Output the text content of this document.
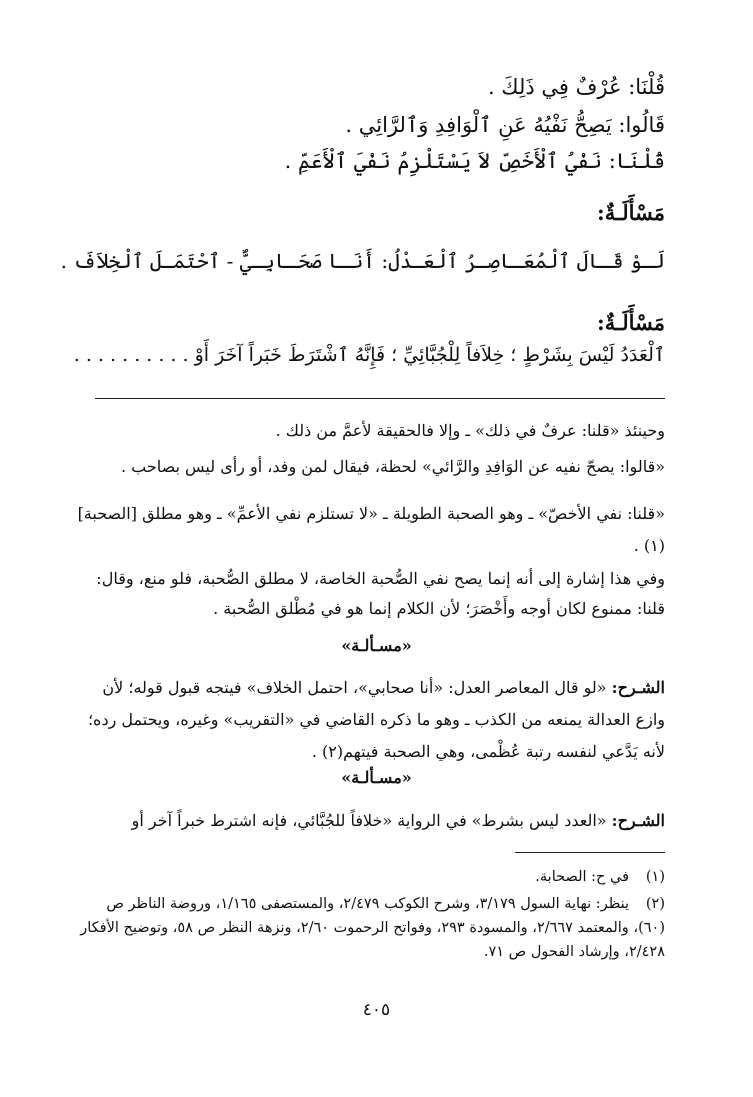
قُلْنَا: عُرْفٌ فِي ذَلِكَ .
قَالُوا: يَصِحُّ نَفْيُهُ عَنِ ٱلْوَافِدِ وَٱلرَّائِي .
قُلْنَا: نَفْيُ ٱلْأَخَصِّ لاَ يَسْتَلْزِمُ نَفْيَ ٱلْأَعَمِّ .
مَسْأَلَـةٌ:
لَـوْ قَـالَ ٱلْمُعَـاصِـرُ ٱلْعَـدْلُ: أَنَـا صَحَـابِـيٌّ - ٱحْتَمَـلَ ٱلْخِلاَفَ .
مَسْأَلَـةٌ:
ٱلْعَدَدُ لَيْسَ بِشَرْطٍ ؛ خِلاَفاً لِلْجُبَّائِيِّ ؛ فَإِنَّهُ ٱشْتَرَطَ خَبَراً آخَرَ أَوْ . . . . . . . . . .
وحينئذ «قلنا: عرفٌ في ذلك» ـ وإلا فالحقيقة لأعمَّ من ذلك .
«قالوا: يصحّ نفيه عن الوَافِدِ والرَّائي» لحظة، فيقال لمن وفد، أو رأى ليس بصاحب .
«قلنا: نفي الأخصّ» ـ وهو الصحبة الطويلة ـ «لا تستلزم نفي الأعمِّ» ـ وهو مطلق [الصحبة](١) .
وفي هذا إشارة إلى أنه إنما يصح نفي الصُّحبة الخاصة، لا مطلق الصُّحبة، فلو منع، وقال: قلنا: ممنوع لكان أوجه وأَخْصَرَ؛ لأن الكلام إنما هو في مُطْلق الصُّحبة .
«مسـألـة»
الشـرح: «لو قال المعاصر العدل: «أنا صحابي»، احتمل الخلاف» فيتجه قبول قوله؛ لأن وازع العدالة يمنعه من الكذب ـ وهو ما ذكره القاضي في «التقريب» وغيره، ويحتمل رده؛ لأنه يَدَّعي لنفسه رتبة عُظْمى، وهي الصحبة فيتهم(٢) .
«مسـألـة»
الشـرح: «العدد ليس بشرط» في الرواية «خلافاً للجُبَّائي، فإنه اشترط خبراً آخر أو
(١)في ح: الصحابة.
(٢)ينظر: نهاية السول ٣/١٧٩، وشرح الكوكب ٢/٤٧٩، والمستصفى ١/١٦٥، وروضة الناظر ص (٦٠)، والمعتمد ٢/٦٦٧، والمسودة ٢٩٣، وفواتح الرحموت ٢/٦٠، ونزهة النظر ص ٥٨، وتوضيح الأفكار ٢/٤٢٨، وإرشاد الفحول ص ٧١.
٤٠٥
